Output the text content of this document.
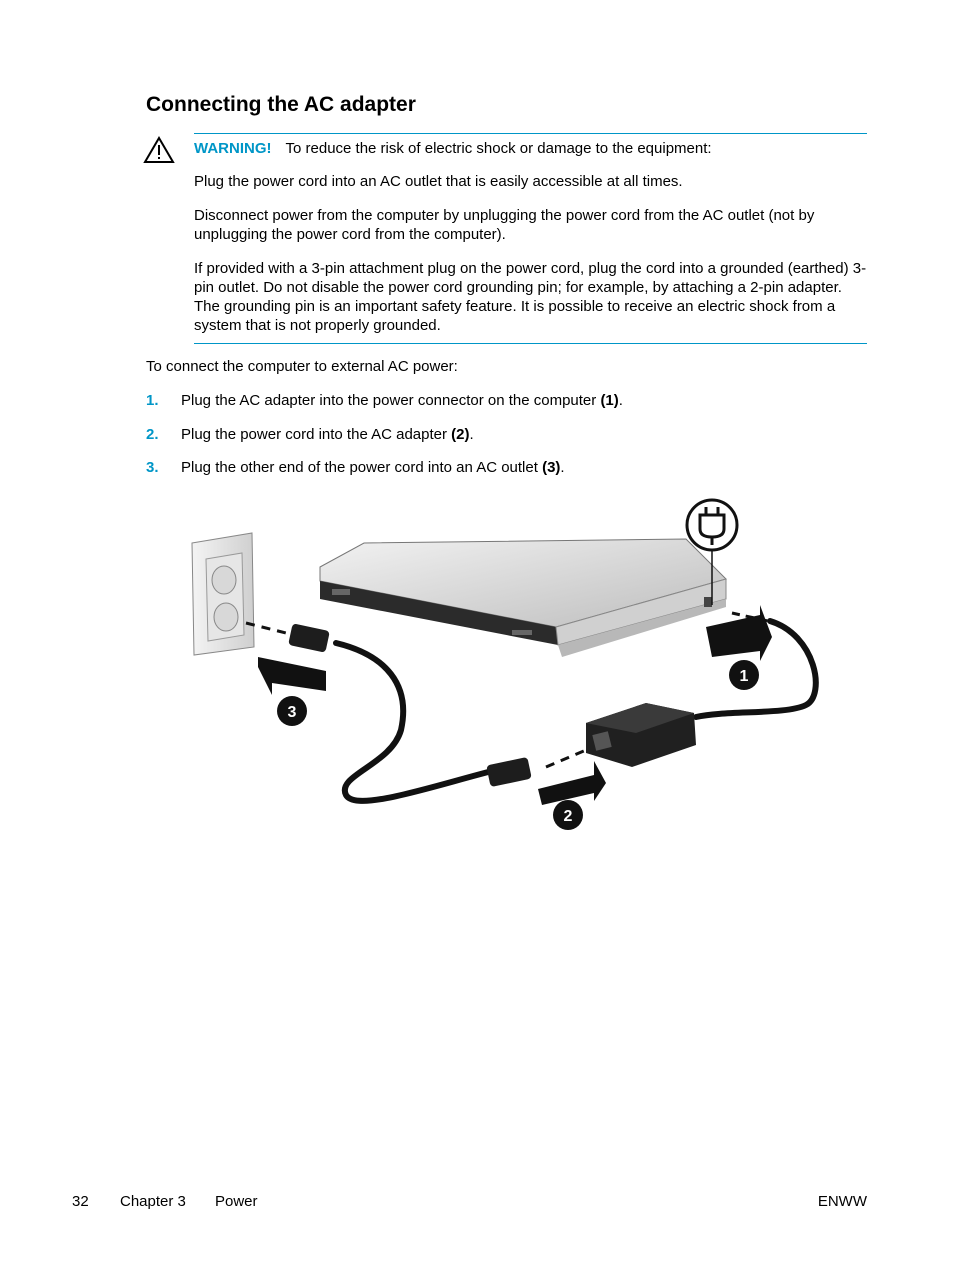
Connecting the AC adapter

WARNING! To reduce the risk of electric shock or damage to the equipment:

Plug the power cord into an AC outlet that is easily accessible at all times.

Disconnect power from the computer by unplugging the power cord from the AC outlet (not by unplugging the power cord from the computer).

If provided with a 3-pin attachment plug on the power cord, plug the cord into a grounded (earthed) 3-pin outlet. Do not disable the power cord grounding pin; for example, by attaching a 2-pin adapter. The grounding pin is an important safety feature. It is possible to receive an electric shock from a system that is not properly grounded.

To connect the computer to external AC power:

1. Plug the AC adapter into the power connector on the computer (1).

2. Plug the power cord into the AC adapter (2).

3. Plug the other end of the power cord into an AC outlet (3).

1
2
3
32 Chapter 3 Power	ENWW
